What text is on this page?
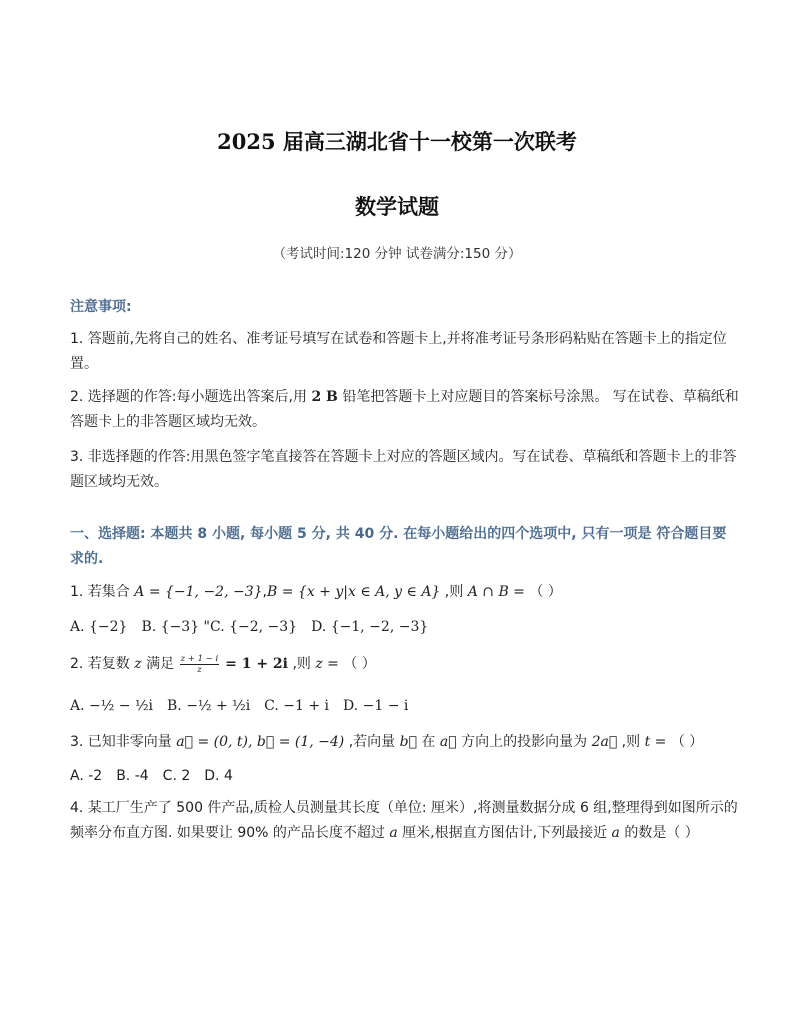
2025 届高三湖北省十一校第一次联考
数学试题
（考试时间:120 分钟 试卷满分:150 分）
注意事项:
1. 答题前,先将自己的姓名、准考证号填写在试卷和答题卡上,并将准考证号条形码粘贴在答题卡上的指定位置。
2. 选择题的作答:每小题选出答案后,用 2 B 铅笔把答题卡上对应题目的答案标号涂黑。 写在试卷、草稿纸和答题卡上的非答题区域均无效。
3. 非选择题的作答:用黑色签字笔直接答在答题卡上对应的答题区域内。写在试卷、草稿纸和答题卡上的非答题区域均无效。
一、选择题: 本题共 8 小题, 每小题 5 分, 共 40 分. 在每小题给出的四个选项中, 只有一项是 符合题目要求的.
1. 若集合 A = {−1, −2, −3},B = {x + y|x ∈ A, y ∈ A} ,则 A ∩ B = （ ）
A. {−2} B. {−3} "C. {−2, −3} D. {−1, −2, −3}
2. 若复数 z 满足 $\frac{z + 1 - i}{z} = 1 + 2i$ ,则 z = （ ）
A. −½ − ½i B. −½ + ½i C. −1 + i D. −1 − i
3. 已知非零向量 a⃗ = (0, t), b⃗ = (1, −4) ,若向量 b⃗ 在 a⃗ 方向上的投影向量为 2a⃗ ,则 t = （ ）
A. -2 B. -4 C. 2 D. 4
4. 某工厂生产了 500 件产品,质检人员测量其长度（单位: 厘米）,将测量数据分成 6 组,整理得到如图所示的频率分布直方图. 如果要让 90% 的产品长度不超过 a 厘米,根据直方图估计,下列最接近 a 的数是（ ）
